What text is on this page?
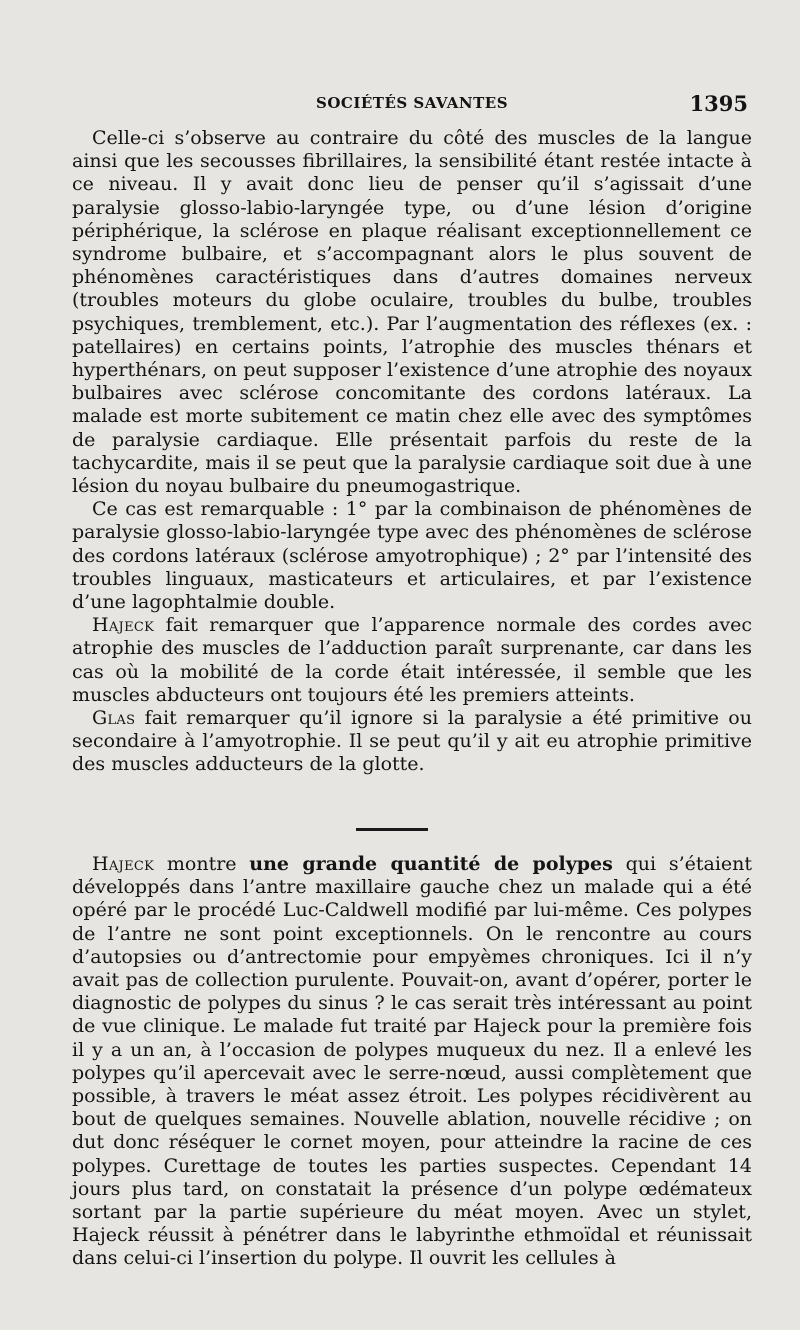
SOCIÉTÉS SAVANTES	1395

Celle-ci s’observe au contraire du côté des muscles de la langue ainsi que les secousses fibrillaires, la sensibilité étant restée intacte à ce niveau. Il y avait donc lieu de penser qu’il s’agissait d’une paralysie glosso-labio-laryngée type, ou d’une lésion d’origine périphérique, la sclérose en plaque réalisant exceptionnellement ce syndrome bulbaire, et s’accompagnant alors le plus souvent de phénomènes caractéristiques dans d’autres domaines nerveux (troubles moteurs du globe oculaire, troubles du bulbe, troubles psychiques, tremblement, etc.). Par l’augmentation des réflexes (ex. : patellaires) en certains points, l’atrophie des muscles thénars et hyperthénars, on peut supposer l’existence d’une atrophie des noyaux bulbaires avec sclérose concomitante des cordons latéraux. La malade est morte subitement ce matin chez elle avec des symptômes de paralysie cardiaque. Elle présentait parfois du reste de la tachycardite, mais il se peut que la paralysie cardiaque soit due à une lésion du noyau bulbaire du pneumogastrique.

Ce cas est remarquable : 1° par la combinaison de phénomènes de paralysie glosso-labio-laryngée type avec des phénomènes de sclérose des cordons latéraux (sclérose amyotrophique) ; 2° par l’intensité des troubles linguaux, masticateurs et articulaires, et par l’existence d’une lagophtalmie double.

Hajeck fait remarquer que l’apparence normale des cordes avec atrophie des muscles de l’adduction paraît surprenante, car dans les cas où la mobilité de la corde était intéressée, il semble que les muscles abducteurs ont toujours été les premiers atteints.

Glas fait remarquer qu’il ignore si la paralysie a été primitive ou secondaire à l’amyotrophie. Il se peut qu’il y ait eu atrophie primitive des muscles adducteurs de la glotte.

Hajeck montre une grande quantité de polypes qui s’étaient développés dans l’antre maxillaire gauche chez un malade qui a été opéré par le procédé Luc-Caldwell modifié par lui-même. Ces polypes de l’antre ne sont point exceptionnels. On le rencontre au cours d’autopsies ou d’antrectomie pour empyèmes chroniques. Ici il n’y avait pas de collection purulente. Pouvait-on, avant d’opérer, porter le diagnostic de polypes du sinus ? le cas serait très intéressant au point de vue clinique. Le malade fut traité par Hajeck pour la première fois il y a un an, à l’occasion de polypes muqueux du nez. Il a enlevé les polypes qu’il apercevait avec le serre-nœud, aussi complètement que possible, à travers le méat assez étroit. Les polypes récidivèrent au bout de quelques semaines. Nouvelle ablation, nouvelle récidive ; on dut donc réséquer le cornet moyen, pour atteindre la racine de ces polypes. Curettage de toutes les parties suspectes. Cependant 14 jours plus tard, on constatait la présence d’un polype œdémateux sortant par la partie supérieure du méat moyen. Avec un stylet, Hajeck réussit à pénétrer dans le labyrinthe ethmoïdal et réunissait dans celui-ci l’insertion du polype. Il ouvrit les cellules à
